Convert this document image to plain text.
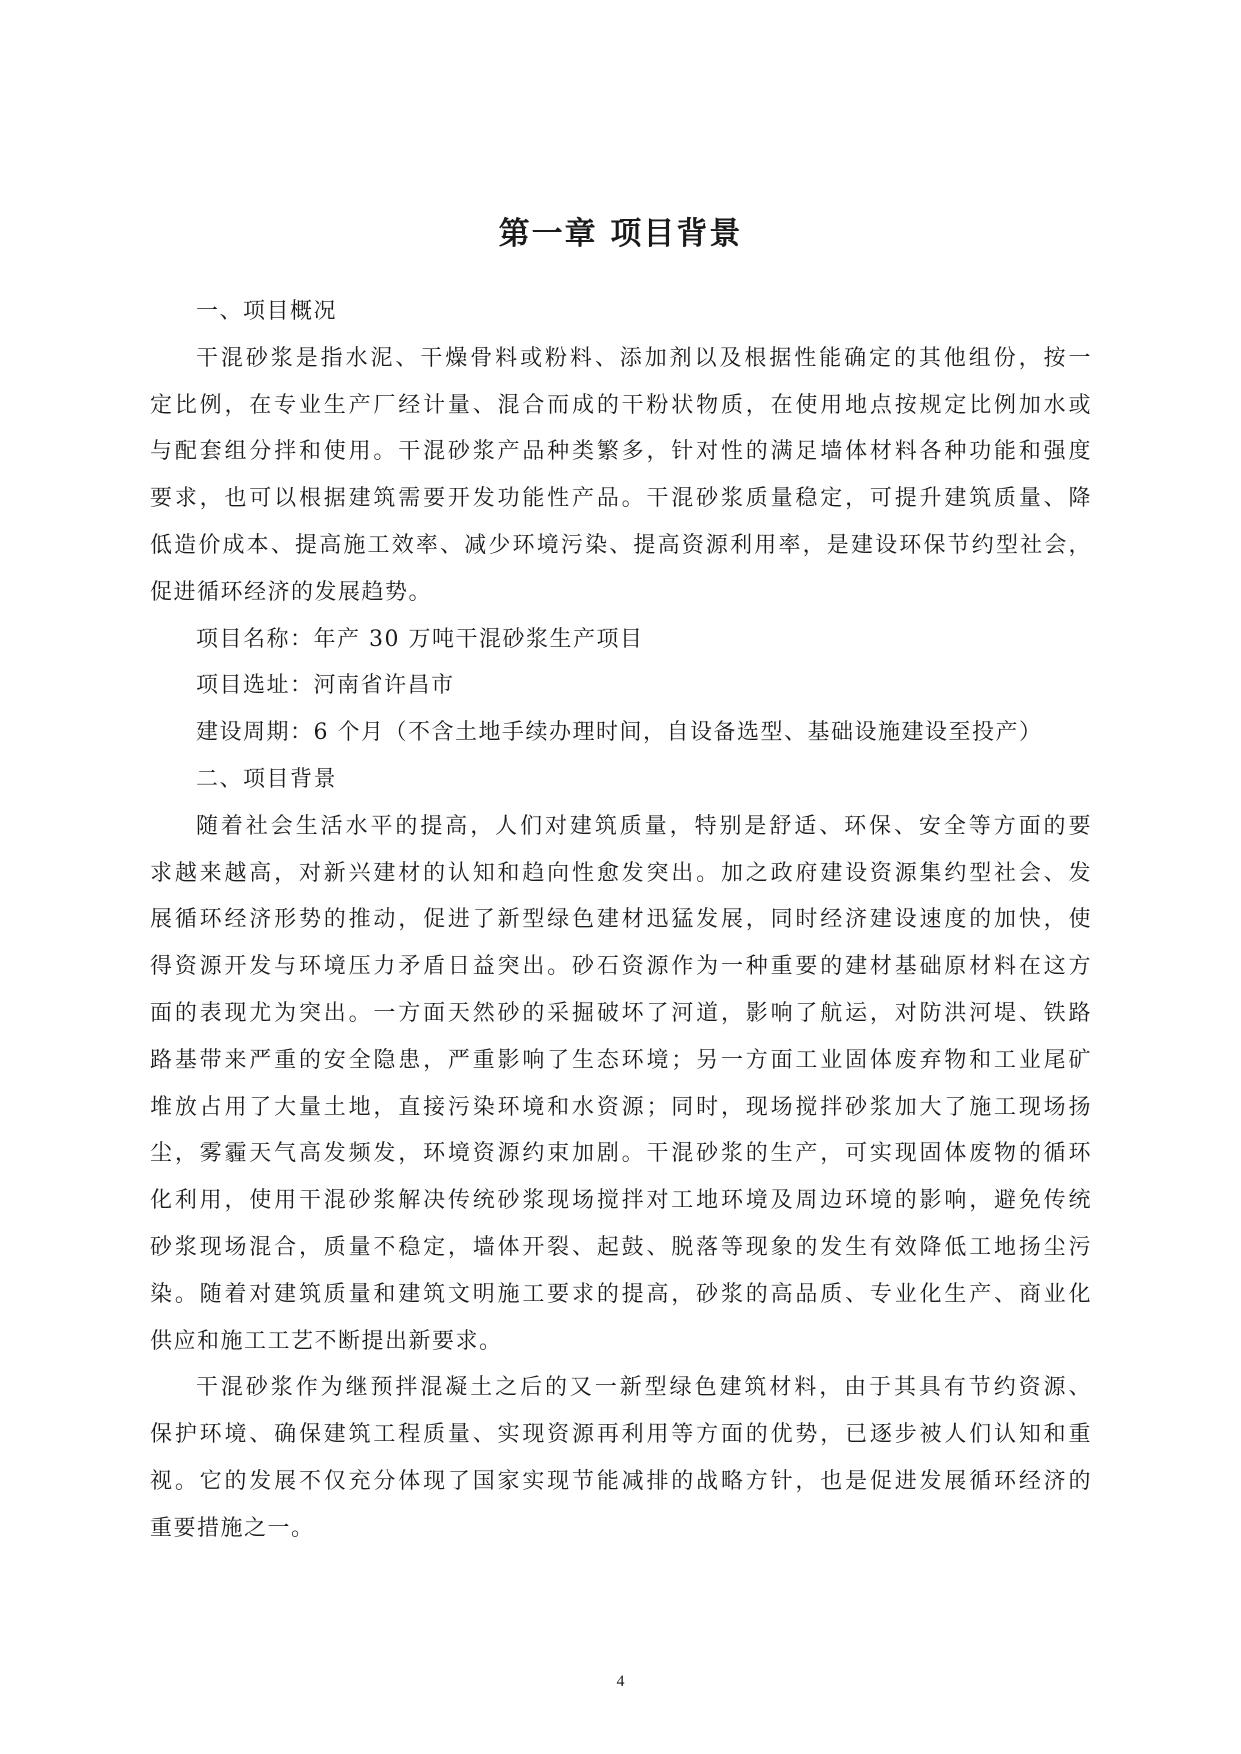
第一章 项目背景
一、项目概况
干混砂浆是指水泥、干燥骨料或粉料、添加剂以及根据性能确定的其他组份，按一
定比例，在专业生产厂经计量、混合而成的干粉状物质，在使用地点按规定比例加水或
与配套组分拌和使用。干混砂浆产品种类繁多，针对性的满足墙体材料各种功能和强度
要求，也可以根据建筑需要开发功能性产品。干混砂浆质量稳定，可提升建筑质量、降
低造价成本、提高施工效率、减少环境污染、提高资源利用率，是建设环保节约型社会，
促进循环经济的发展趋势。
项目名称：年产 30 万吨干混砂浆生产项目
项目选址：河南省许昌市
建设周期：6 个月（不含土地手续办理时间，自设备选型、基础设施建设至投产）
二、项目背景
随着社会生活水平的提高，人们对建筑质量，特别是舒适、环保、安全等方面的要
求越来越高，对新兴建材的认知和趋向性愈发突出。加之政府建设资源集约型社会、发
展循环经济形势的推动，促进了新型绿色建材迅猛发展，同时经济建设速度的加快，使
得资源开发与环境压力矛盾日益突出。砂石资源作为一种重要的建材基础原材料在这方
面的表现尤为突出。一方面天然砂的采掘破坏了河道，影响了航运，对防洪河堤、铁路
路基带来严重的安全隐患，严重影响了生态环境；另一方面工业固体废弃物和工业尾矿
堆放占用了大量土地，直接污染环境和水资源；同时，现场搅拌砂浆加大了施工现场扬
尘，雾霾天气高发频发，环境资源约束加剧。干混砂浆的生产，可实现固体废物的循环
化利用，使用干混砂浆解决传统砂浆现场搅拌对工地环境及周边环境的影响，避免传统
砂浆现场混合，质量不稳定，墙体开裂、起鼓、脱落等现象的发生有效降低工地扬尘污
染。随着对建筑质量和建筑文明施工要求的提高，砂浆的高品质、专业化生产、商业化
供应和施工工艺不断提出新要求。
干混砂浆作为继预拌混凝土之后的又一新型绿色建筑材料，由于其具有节约资源、
保护环境、确保建筑工程质量、实现资源再利用等方面的优势，已逐步被人们认知和重
视。它的发展不仅充分体现了国家实现节能减排的战略方针，也是促进发展循环经济的
重要措施之一。
4
